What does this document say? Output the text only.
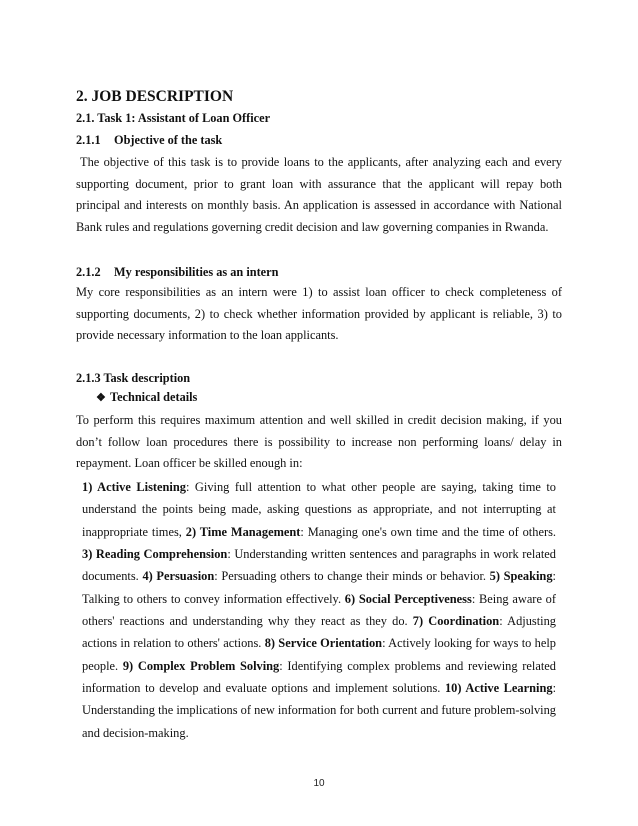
2. JOB DESCRIPTION
2.1. Task 1: Assistant of Loan Officer
2.1.1 Objective of the task
The objective of this task is to provide loans to the applicants, after analyzing each and every supporting document, prior to grant loan with assurance that the applicant will repay both principal and interests on monthly basis. An application is assessed in accordance with National Bank rules and regulations governing credit decision and law governing companies in Rwanda.
2.1.2 My responsibilities as an intern
My core responsibilities as an intern were 1) to assist loan officer to check completeness of supporting documents, 2) to check whether information provided by applicant is reliable, 3) to provide necessary information to the loan applicants.
2.1.3 Task description
❖ Technical details
To perform this requires maximum attention and well skilled in credit decision making, if you don’t follow loan procedures there is possibility to increase non performing loans/ delay in repayment. Loan officer be skilled enough in:
1) Active Listening: Giving full attention to what other people are saying, taking time to understand the points being made, asking questions as appropriate, and not interrupting at inappropriate times, 2) Time Management: Managing one's own time and the time of others. 3) Reading Comprehension: Understanding written sentences and paragraphs in work related documents. 4) Persuasion: Persuading others to change their minds or behavior. 5) Speaking: Talking to others to convey information effectively. 6) Social Perceptiveness: Being aware of others' reactions and understanding why they react as they do. 7) Coordination: Adjusting actions in relation to others' actions. 8) Service Orientation: Actively looking for ways to help people. 9) Complex Problem Solving: Identifying complex problems and reviewing related information to develop and evaluate options and implement solutions. 10) Active Learning: Understanding the implications of new information for both current and future problem-solving and decision-making.
10
